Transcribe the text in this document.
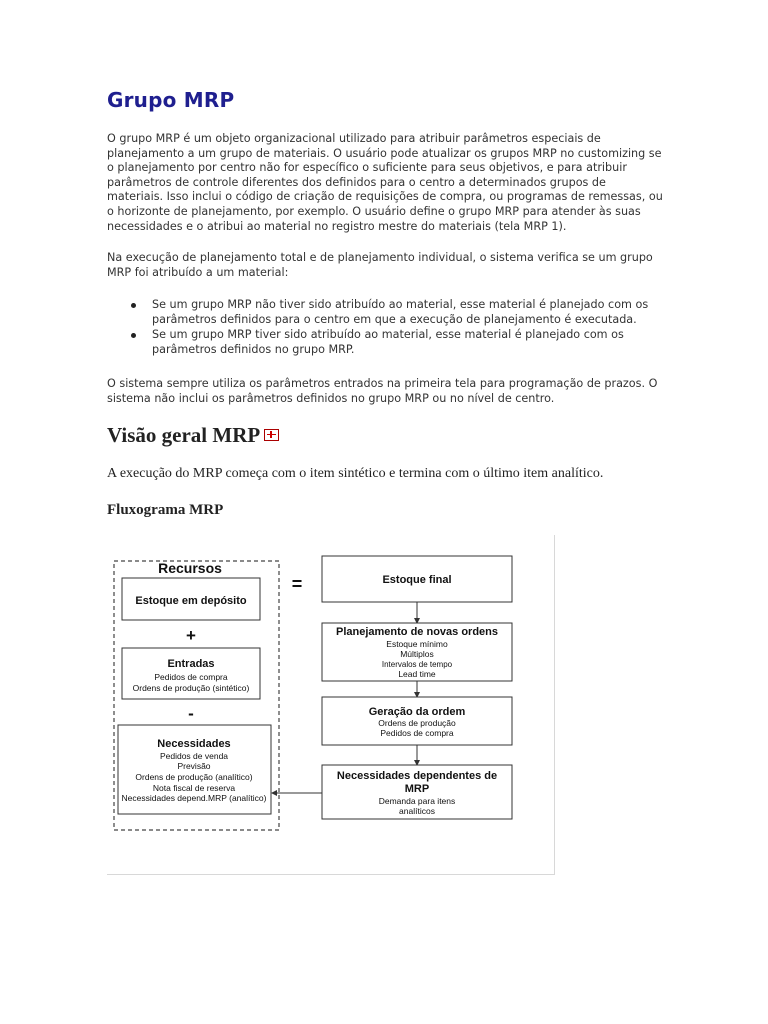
Grupo MRP

O grupo MRP é um objeto organizacional utilizado para atribuir parâmetros especiais de planejamento a um grupo de materiais. O usuário pode atualizar os grupos MRP no customizing se o planejamento por centro não for específico o suficiente para seus objetivos, e para atribuir parâmetros de controle diferentes dos definidos para o centro a determinados grupos de materiais. Isso inclui o código de criação de requisições de compra, ou programas de remessas, ou o horizonte de planejamento, por exemplo. O usuário define o grupo MRP para atender às suas necessidades e o atribui ao material no registro mestre do materiais (tela MRP 1).

Na execução de planejamento total e de planejamento individual, o sistema verifica se um grupo MRP foi atribuído a um material:

Se um grupo MRP não tiver sido atribuído ao material, esse material é planejado com os parâmetros definidos para o centro em que a execução de planejamento é executada.
Se um grupo MRP tiver sido atribuído ao material, esse material é planejado com os parâmetros definidos no grupo MRP.

O sistema sempre utiliza os parâmetros entrados na primeira tela para programação de prazos. O sistema não inclui os parâmetros definidos no grupo MRP ou no nível de centro.

Visão geral MRP

A execução do MRP começa com o item sintético e termina com o último item analítico.

Fluxograma MRP
Recursos
Estoque em depósito
+
Entradas
Pedidos de compra
Ordens de produção (sintético)
-
Necessidades
Pedidos de venda
Previsão
Ordens de produção (analítico)
Nota fiscal de reserva
Necessidades depend.MRP (analítico)
=	Estoque final
Planejamento de novas ordens
Estoque mínimo
Múltiplos
Intervalos de tempo
Lead time
Geração da ordem
Ordens de produção
Pedidos de compra
Necessidades dependentes de
MRP
Demanda para itens
analíticos
